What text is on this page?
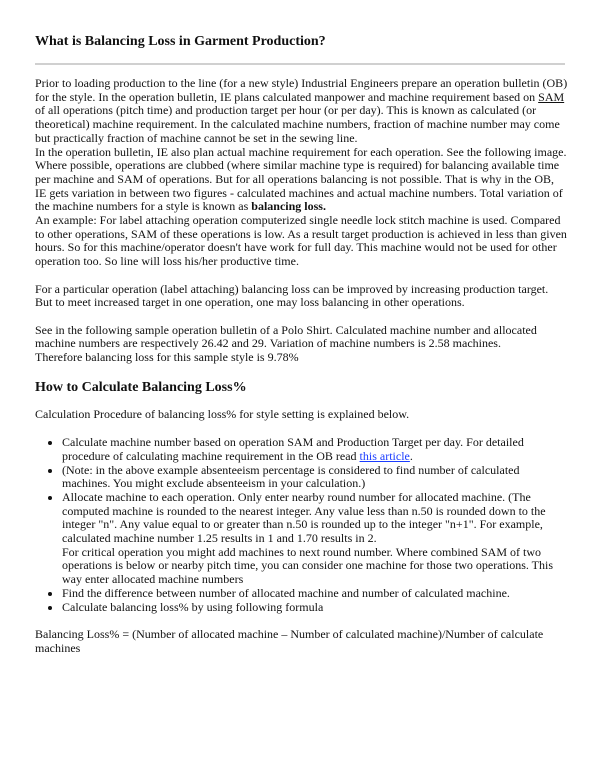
What is Balancing Loss in Garment Production?

Prior to loading production to the line (for a new style) Industrial Engineers prepare an operation bulletin (OB) for the style. In the operation bulletin, IE plans calculated manpower and machine requirement based on SAM of all operations (pitch time) and production target per hour (or per day). This is known as calculated (or theoretical) machine requirement. In the calculated machine numbers, fraction of machine number may come but practically fraction of machine cannot be set in the sewing line.

In the operation bulletin, IE also plan actual machine requirement for each operation. See the following image. Where possible, operations are clubbed (where similar machine type is required) for balancing available time per machine and SAM of operations. But for all operations balancing is not possible. That is why in the OB, IE gets variation in between two figures - calculated machines and actual machine numbers. Total variation of the machine numbers for a style is known as balancing loss.

An example: For label attaching operation computerized single needle lock stitch machine is used. Compared to other operations, SAM of these operations is low. As a result target production is achieved in less than given hours. So for this machine/operator doesn't have work for full day. This machine would not be used for other operation too. So line will loss his/her productive time.

For a particular operation (label attaching) balancing loss can be improved by increasing production target. But to meet increased target in one operation, one may loss balancing in other operations.

See in the following sample operation bulletin of a Polo Shirt. Calculated machine number and allocated machine numbers are respectively 26.42 and 29. Variation of machine numbers is 2.58 machines.

Therefore balancing loss for this sample style is 9.78%

How to Calculate Balancing Loss%

Calculation Procedure of balancing loss% for style setting is explained below.

• Calculate machine number based on operation SAM and Production Target per day. For detailed procedure of calculating machine requirement in the OB read this article.
• (Note: in the above example absenteeism percentage is considered to find number of calculated machines. You might exclude absenteeism in your calculation.)
• Allocate machine to each operation. Only enter nearby round number for allocated machine. (The computed machine is rounded to the nearest integer. Any value less than n.50 is rounded down to the integer "n". Any value equal to or greater than n.50 is rounded up to the integer "n+1". For example, calculated machine number 1.25 results in 1 and 1.70 results in 2.
For critical operation you might add machines to next round number. Where combined SAM of two operations is below or nearby pitch time, you can consider one machine for those two operations. This way enter allocated machine numbers
• Find the difference between number of allocated machine and number of calculated machine.
• Calculate balancing loss% by using following formula

Balancing Loss% = (Number of allocated machine – Number of calculated machine)/Number of calculate machines
